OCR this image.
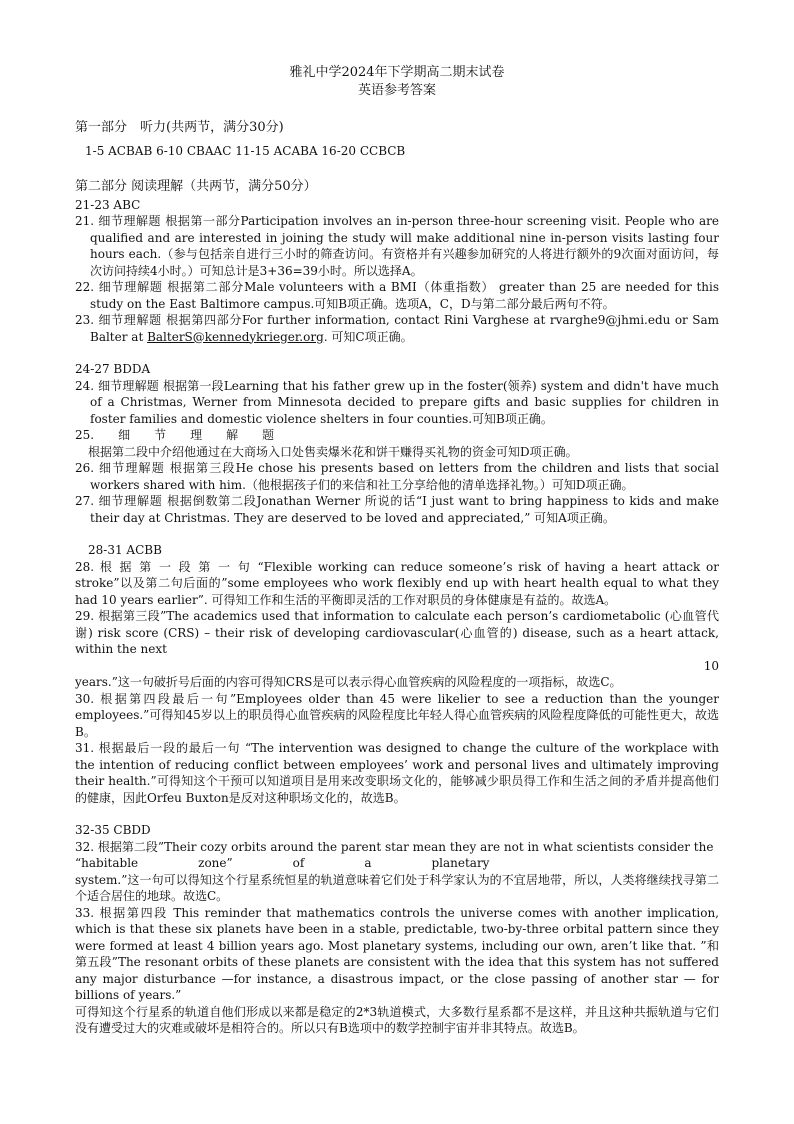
雅礼中学2024年下学期高二期末试卷

英语参考答案

第一部分　听力(共两节，满分30分)
1-5 ACBAB 6-10 CBAAC 11-15 ACABA 16-20 CCBCB
第二部分 阅读理解（共两节，满分50分）
21-23 ABC
21. 细节理解题 根据第一部分Participation involves an in-person three-hour screening visit. People who are qualified and are interested in joining the study will make additional nine in-person visits lasting four hours each.（参与包括亲自进行三小时的筛查访问。有资格并有兴趣参加研究的人将进行额外的9次面对面访问，每次访问持续4小时。）可知总计是3+36=39小时。所以选择A。
22. 细节理解题 根据第二部分Male volunteers with a BMI（体重指数） greater than 25 are needed for this study on the East Baltimore campus.可知B项正确。选项A，C，D与第二部分最后两句不符。
23. 细节理解题 根据第四部分For further information, contact Rini Varghese at rvarghe9@jhmi.edu or Sam Balter at BalterS@kennedykrieger.org. 可知C项正确。
24-27 BDDA
24. 细节理解题 根据第一段Learning that his father grew up in the foster(领养) system and didn't have much of a Christmas, Werner from Minnesota decided to prepare gifts and basic supplies for children in foster families and domestic violence shelters in four counties.可知B项正确。
25.　　细　　节　　理　　解　　题
根据第二段中介绍他通过在大商场入口处售卖爆米花和饼干赚得买礼物的资金可知D项正确。
26. 细节理解题 根据第三段He chose his presents based on letters from the children and lists that social workers shared with him.（他根据孩子们的来信和社工分享给他的清单选择礼物。）可知D项正确。
27. 细节理解题 根据倒数第二段Jonathan Werner 所说的话“I just want to bring happiness to kids and make their day at Christmas. They are deserved to be loved and appreciated,” 可知A项正确。
28-31 ACBB
28. 根 据 第 一 段 第 一 句 “Flexible working can reduce someone’s risk of having a heart attack or stroke”以及第二句后面的”some employees who work flexibly end up with heart health equal to what they had 10 years earlier”. 可得知工作和生活的平衡即灵活的工作对职员的身体健康是有益的。故选A。
29. 根据第三段”The academics used that information to calculate each person’s cardiometabolic (心血管代谢) risk score (CRS) – their risk of developing cardiovascular(心血管的) disease, such as a heart attack, within the next
10
years.”这一句破折号后面的内容可得知CRS是可以表示得心血管疾病的风险程度的一项指标，故选C。
30. 根据第四段最后一句”Employees older than 45 were likelier to see a reduction than the younger employees.”可得知45岁以上的职员得心血管疾病的风险程度比年轻人得心血管疾病的风险程度降低的可能性更大，故选B。
31. 根据最后一段的最后一句 “The intervention was designed to change the culture of the workplace with the intention of reducing conflict between employees’ work and personal lives and ultimately improving their health.”可得知这个干预可以知道项目是用来改变职场文化的，能够减少职员得工作和生活之间的矛盾并提高他们的健康，因此Orfeu Buxton是反对这种职场文化的，故选B。
32-35 CBDD
32. 根据第二段”Their cozy orbits around the parent star mean they are not in what scientists consider the
“habitable　　　　　zone”　　　　　of　　　　　a　　　　　planetary
system.”这一句可以得知这个行星系统恒星的轨道意味着它们处于科学家认为的不宜居地带，所以，人类将继续找寻第二个适合居住的地球。故选C。
33. 根据第四段 This reminder that mathematics controls the universe comes with another implication, which is that these six planets have been in a stable, predictable, two-by-three orbital pattern since they were formed at least 4 billion years ago. Most planetary systems, including our own, aren’t like that. ”和第五段”The resonant orbits of these planets are consistent with the idea that this system has not suffered any major disturbance —for instance, a disastrous impact, or the close passing of another star — for billions of years.”
可得知这个行星系的轨道自他们形成以来都是稳定的2*3轨道模式，大多数行星系都不是这样，并且这种共振轨道与它们没有遭受过大的灾难或破坏是相符合的。所以只有B选项中的数学控制宇宙并非其特点。故选B。
